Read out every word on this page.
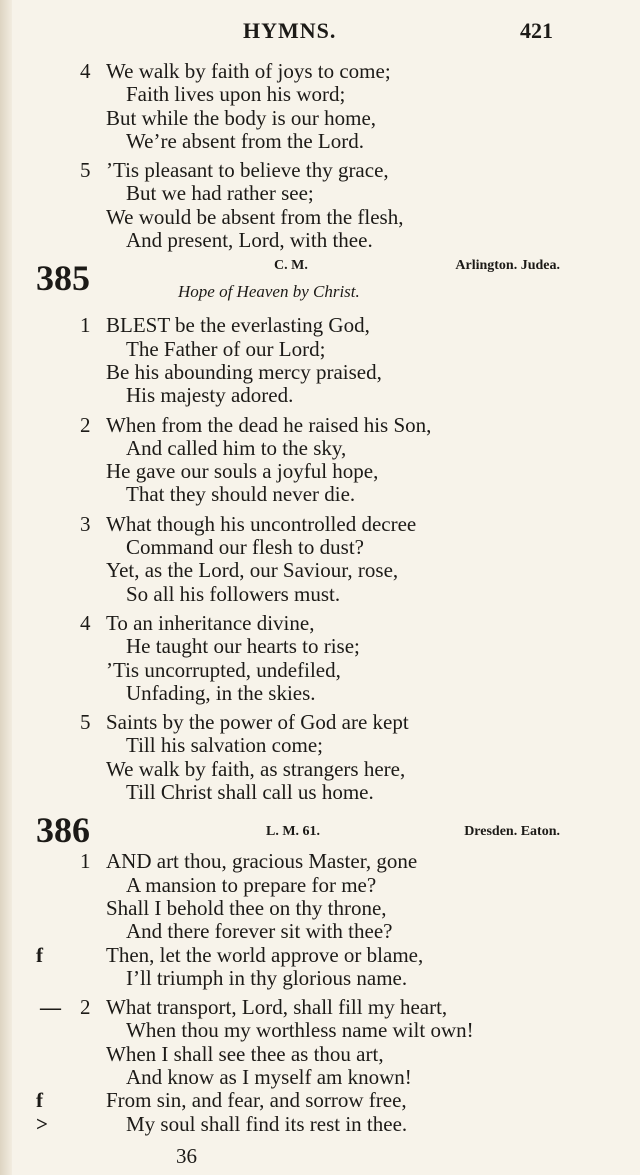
HYMNS.	421
4 We walk by faith of joys to come;
Faith lives upon his word;
But while the body is our home,
We’re absent from the Lord.
5 ’Tis pleasant to believe thy grace,
But we had rather see;
We would be absent from the flesh,
And present, Lord, with thee.
385	C. M.	Arlington. Judea.
Hope of Heaven by Christ.
1 BLEST be the everlasting God,
The Father of our Lord;
Be his abounding mercy praised,
His majesty adored.
2 When from the dead he raised his Son,
And called him to the sky,
He gave our souls a joyful hope,
That they should never die.
3 What though his uncontrolled decree
Command our flesh to dust?
Yet, as the Lord, our Saviour, rose,
So all his followers must.
4 To an inheritance divine,
He taught our hearts to rise;
’Tis uncorrupted, undefiled,
Unfading, in the skies.
5 Saints by the power of God are kept
Till his salvation come;
We walk by faith, as strangers here,
Till Christ shall call us home.
386	L. M. 61.	Dresden. Eaton.
1 AND art thou, gracious Master, gone
A mansion to prepare for me?
Shall I behold thee on thy throne,
And there forever sit with thee?
f	Then, let the world approve or blame,
I’ll triumph in thy glorious name.
2
— What transport, Lord, shall fill my heart,
When thou my worthless name wilt own!
When I shall see thee as thou art,
And know as I myself am known!
f	From sin, and fear, and sorrow free,
>	My soul shall find its rest in thee.
36
